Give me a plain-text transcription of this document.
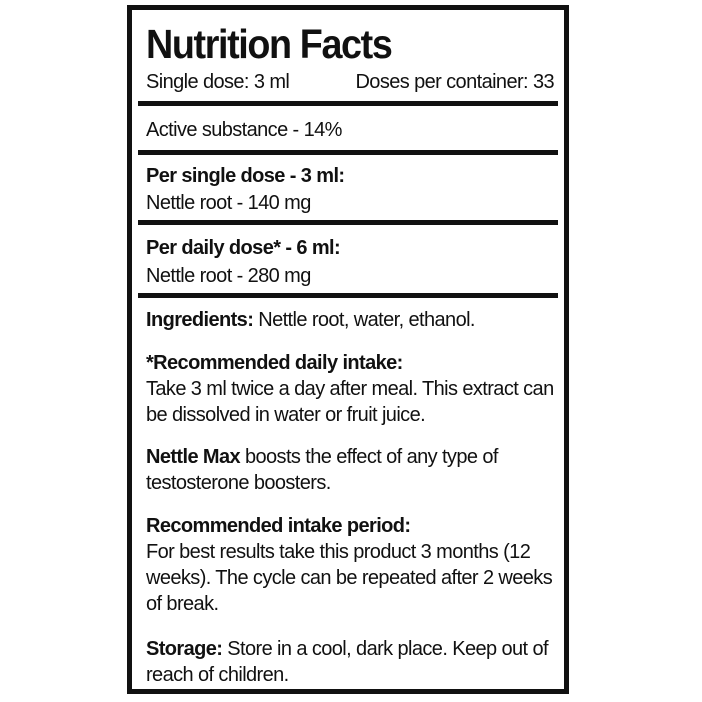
Nutrition Facts
Single dose: 3 ml	Doses per container: 33
Active substance - 14%
Per single dose - 3 ml:
Nettle root - 140 mg
Per daily dose* - 6 ml:
Nettle root - 280 mg
Ingredients: Nettle root, water, ethanol.

*Recommended daily intake:

Take 3 ml twice a day after meal. This extract can be dissolved in water or fruit juice.

Nettle Max boosts the effect of any type of testosterone boosters.

Recommended intake period:

For best results take this product 3 months (12 weeks). The cycle can be repeated after 2 weeks of break.

Storage: Store in a cool, dark place. Keep out of reach of children.
